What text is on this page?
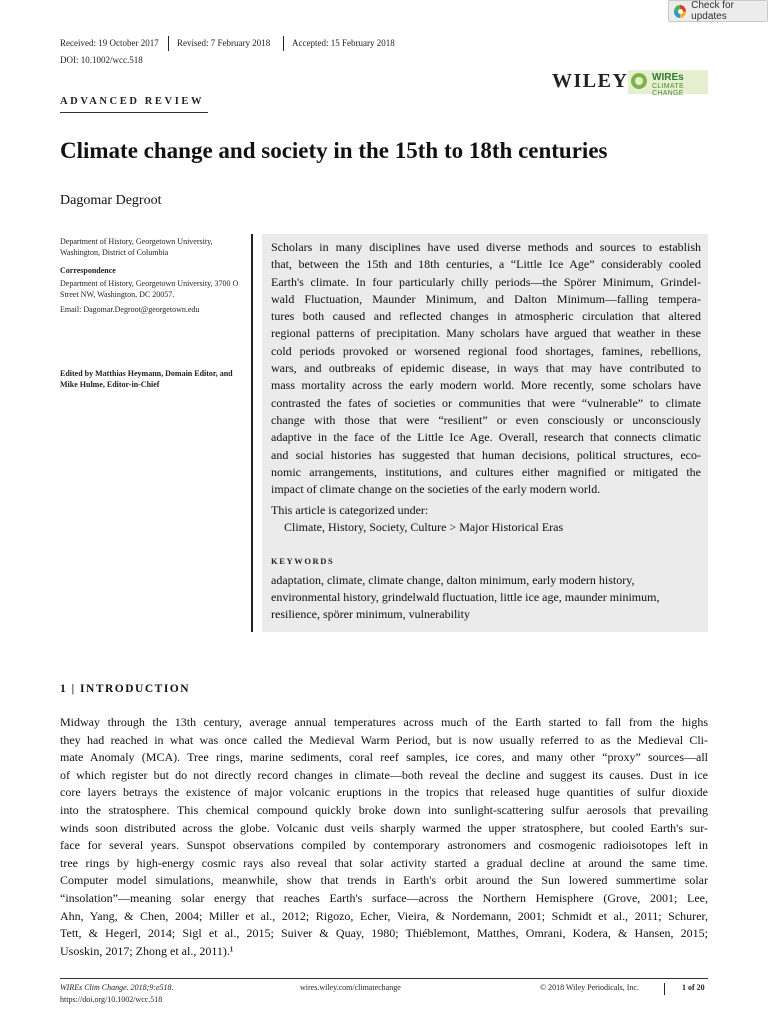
Check for updates
Received: 19 October 2017 Revised: 7 February 2018 Accepted: 15 February 2018
DOI: 10.1002/wcc.518
WILEY WIREs
CLIMATE CHANGE
ADVANCED REVIEW
Climate change and society in the 15th to 18th centuries
Dagomar Degroot
Department of History, Georgetown University, Washington, District of Columbia
Correspondence
Department of History, Georgetown University, 3700 O Street NW, Washington, DC 20057.
Email: Dagomar.Degroot@georgetown.edu
Edited by Matthias Heymann, Domain Editor, and Mike Hulme, Editor-in-Chief
Scholars in many disciplines have used diverse methods and sources to establish
that, between the 15th and 18th centuries, a “Little Ice Age” considerably cooled
Earth's climate. In four particularly chilly periods—the Spörer Minimum, Grindel-
wald Fluctuation, Maunder Minimum, and Dalton Minimum—falling tempera-
tures both caused and reflected changes in atmospheric circulation that altered
regional patterns of precipitation. Many scholars have argued that weather in these
cold periods provoked or worsened regional food shortages, famines, rebellions,
wars, and outbreaks of epidemic disease, in ways that may have contributed to
mass mortality across the early modern world. More recently, some scholars have
contrasted the fates of societies or communities that were “vulnerable” to climate
change with those that were “resilient” or even consciously or unconsciously
adaptive in the face of the Little Ice Age. Overall, research that connects climatic
and social histories has suggested that human decisions, political structures, eco-
nomic arrangements, institutions, and cultures either magnified or mitigated the
impact of climate change on the societies of the early modern world.
This article is categorized under:
Climate, History, Society, Culture > Major Historical Eras
KEYWORDS
adaptation, climate, climate change, dalton minimum, early modern history, environmental history, grindelwald fluctuation, little ice age, maunder minimum, resilience, spörer minimum, vulnerability
1 | INTRODUCTION
Midway through the 13th century, average annual temperatures across much of the Earth started to fall from the highs
they had reached in what was once called the Medieval Warm Period, but is now usually referred to as the Medieval Cli-
mate Anomaly (MCA). Tree rings, marine sediments, coral reef samples, ice cores, and many other “proxy” sources—all
of which register but do not directly record changes in climate—both reveal the decline and suggest its causes. Dust in ice
core layers betrays the existence of major volcanic eruptions in the tropics that released huge quantities of sulfur dioxide
into the stratosphere. This chemical compound quickly broke down into sunlight-scattering sulfur aerosols that prevailing
winds soon distributed across the globe. Volcanic dust veils sharply warmed the upper stratosphere, but cooled Earth's sur-
face for several years. Sunspot observations compiled by contemporary astronomers and cosmogenic radioisotopes left in
tree rings by high-energy cosmic rays also reveal that solar activity started a gradual decline at around the same time.
Computer model simulations, meanwhile, show that trends in Earth's orbit around the Sun lowered summertime solar
“insolation”—meaning solar energy that reaches Earth's surface—across the Northern Hemisphere (Grove, 2001; Lee,
Ahn, Yang, & Chen, 2004; Miller et al., 2012; Rigozo, Echer, Vieira, & Nordemann, 2001; Schmidt et al., 2011; Schurer,
Tett, & Hegerl, 2014; Sigl et al., 2015; Suiver & Quay, 1980; Thiéblemont, Matthes, Omrani, Kodera, & Hansen, 2015;
Usoskin, 2017; Zhong et al., 2011).¹
WIREs Clim Change. 2018;9:e518.
https://doi.org/10.1002/wcc.518
wires.wiley.com/climatechange	© 2018 Wiley Periodicals, Inc.	1 of 20
